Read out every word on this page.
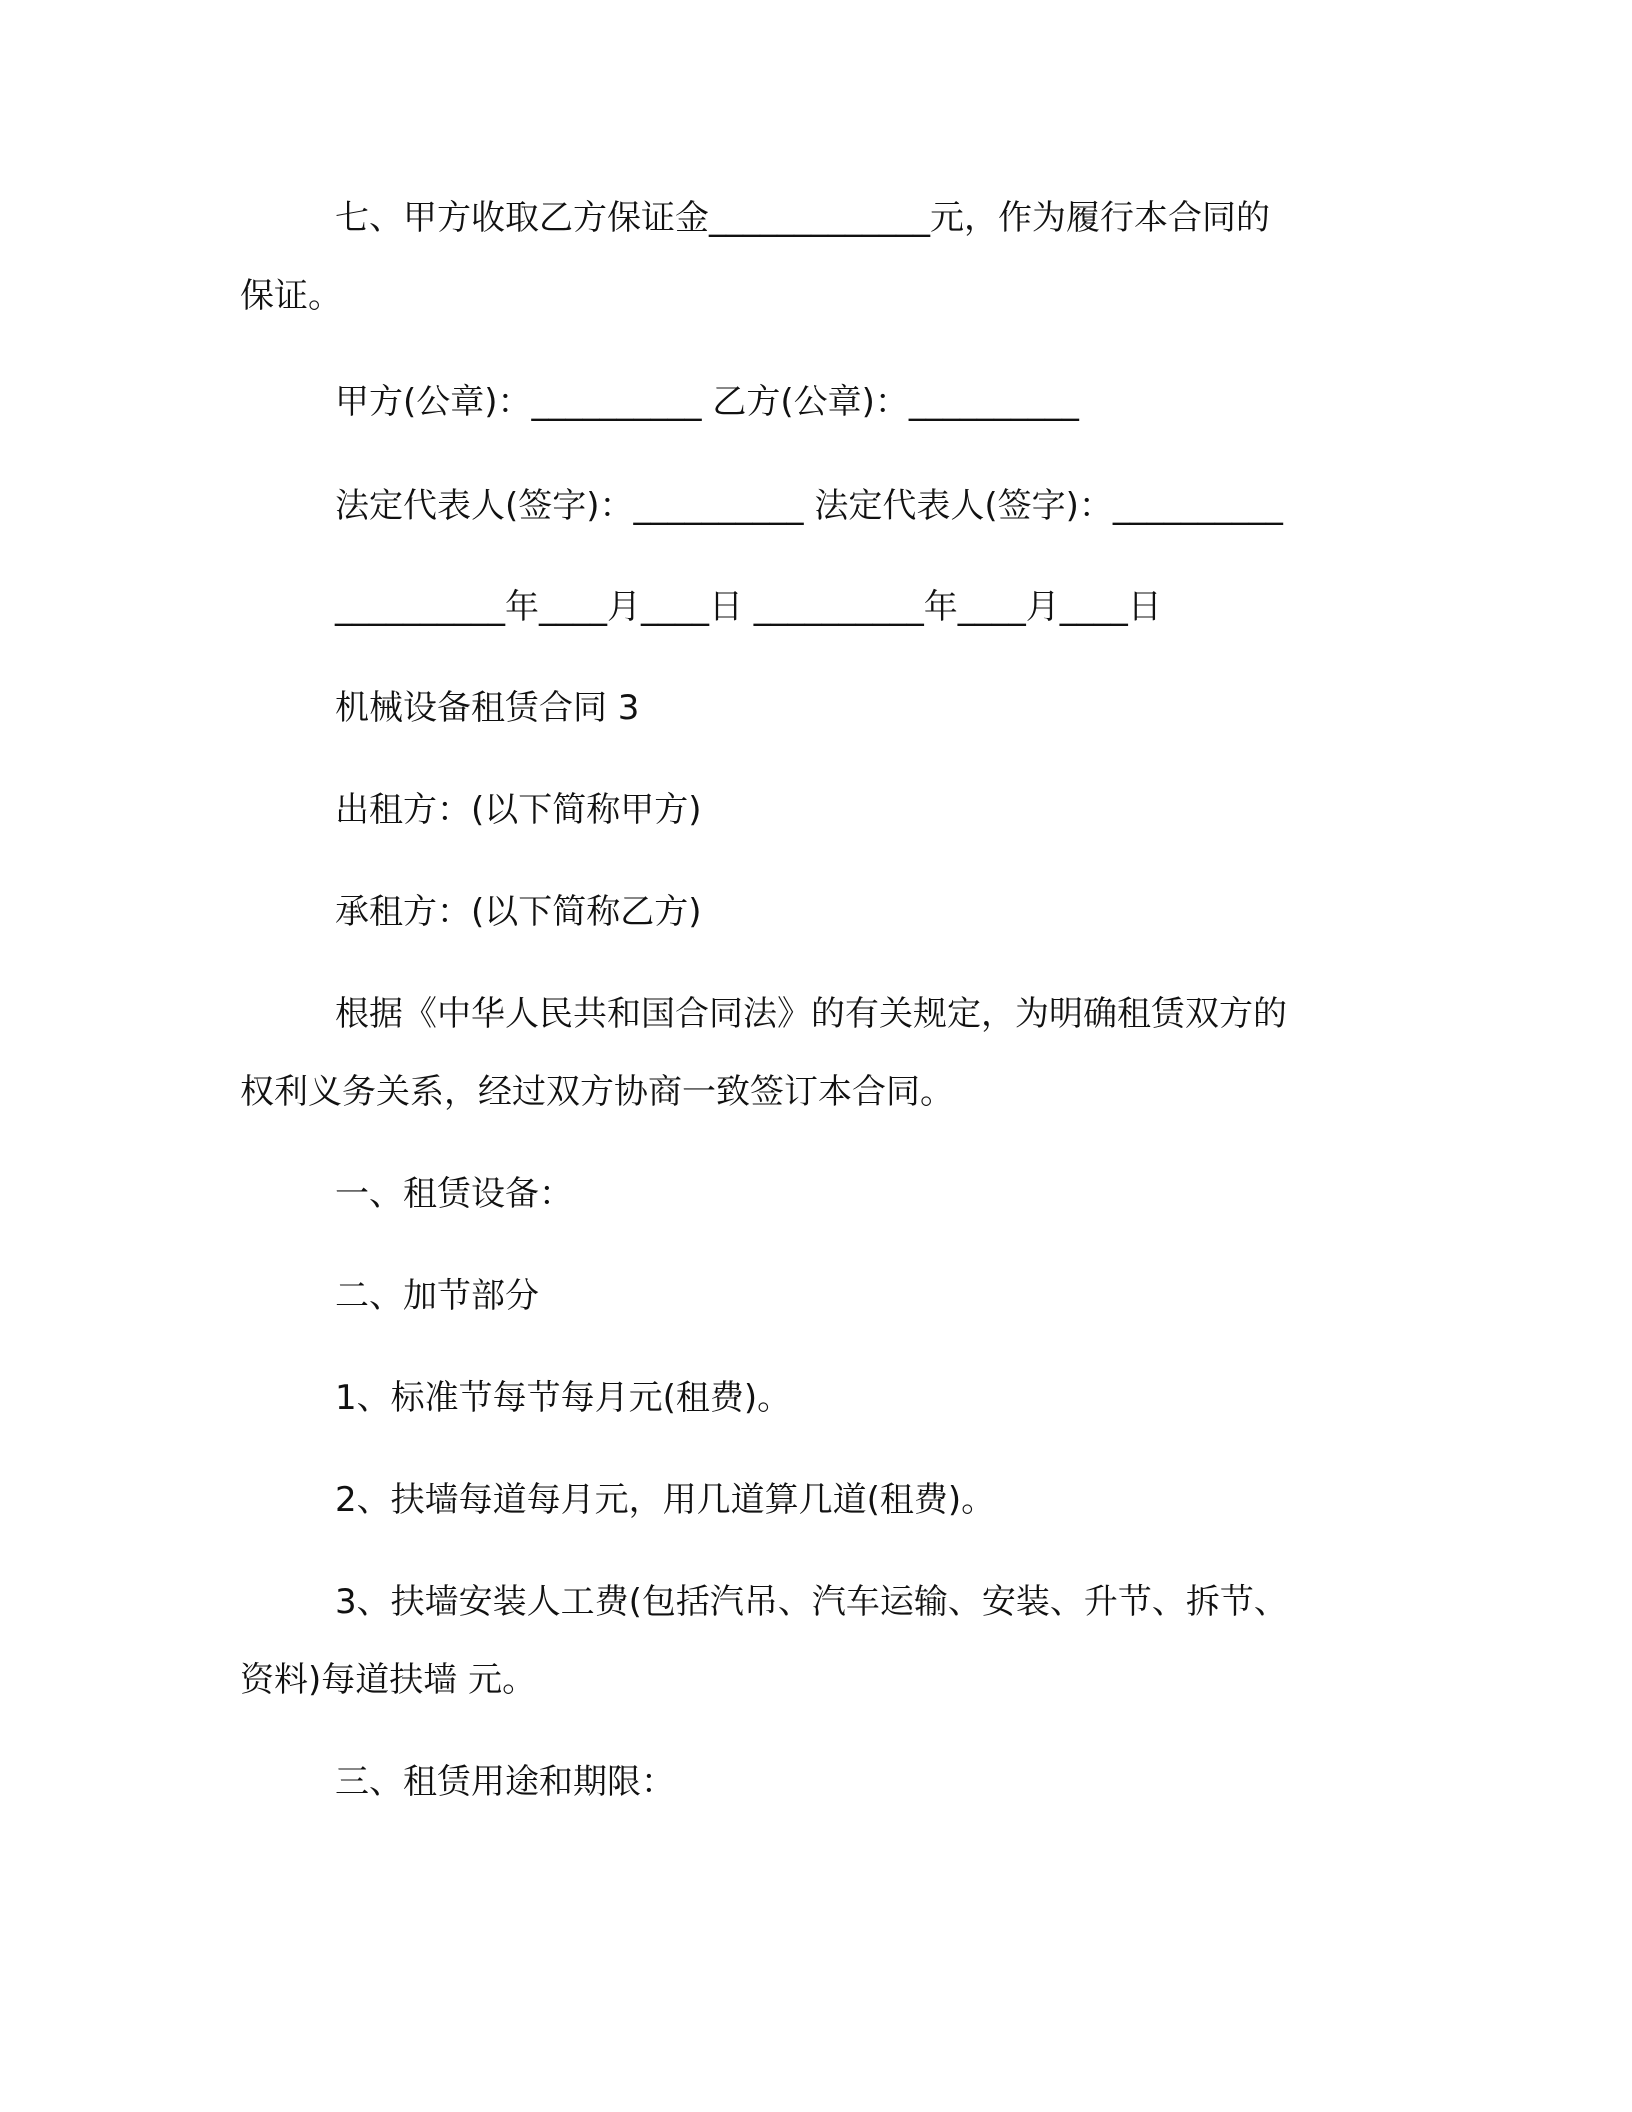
七、甲方收取乙方保证金_____________元，作为履行本合同的
保证。
甲方(公章)：__________ 乙方(公章)：__________
法定代表人(签字)：__________ 法定代表人(签字)：__________
__________年____月____日 __________年____月____日
机械设备租赁合同 3
出租方：(以下简称甲方)
承租方：(以下简称乙方)
根据《中华人民共和国合同法》的有关规定，为明确租赁双方的
权利义务关系，经过双方协商一致签订本合同。
一、租赁设备：
二、加节部分
1、标准节每节每月元(租费)。
2、扶墙每道每月元，用几道算几道(租费)。
3、扶墙安装人工费(包括汽吊、汽车运输、安装、升节、拆节、
资料)每道扶墙 元。
三、租赁用途和期限：
